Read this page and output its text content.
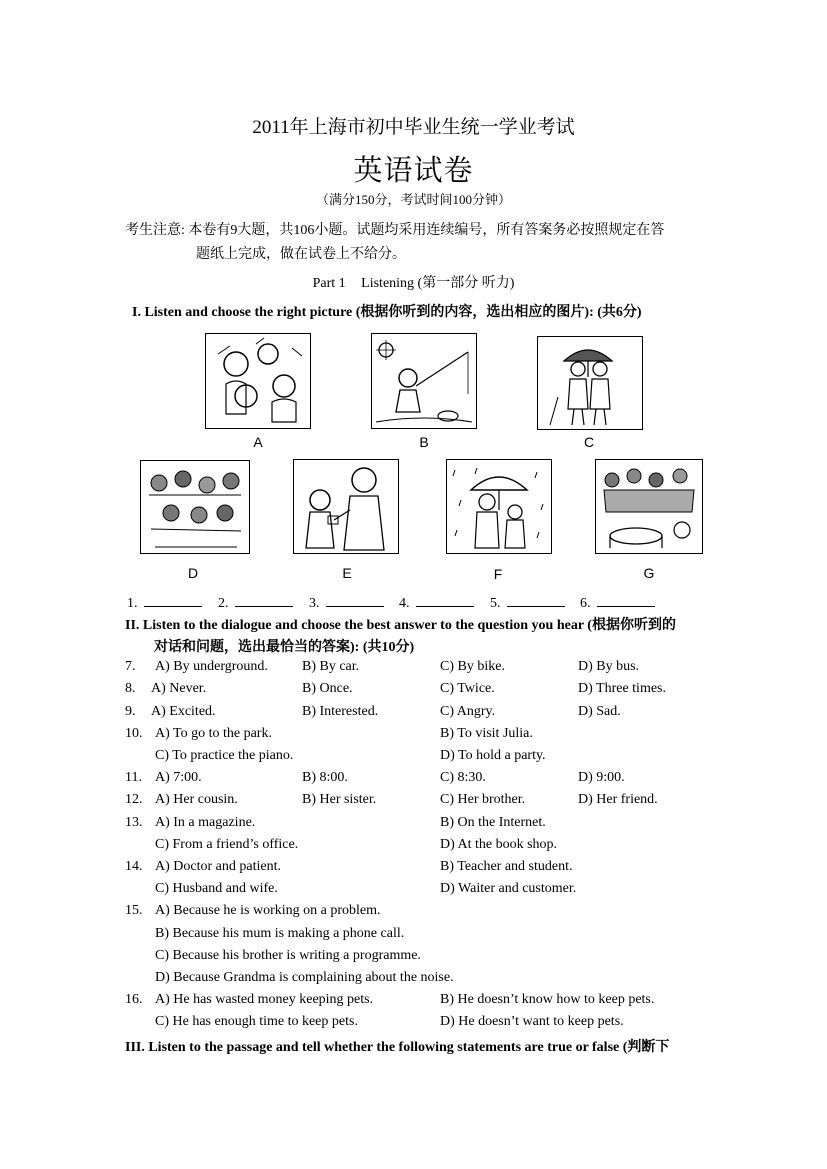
2011年上海市初中毕业生统一学业考试
英语试卷
（满分150分，考试时间100分钟）
考生注意: 本卷有9大题，共106小题。试题均采用连续编号，所有答案务必按照规定在答
题纸上完成，做在试卷上不给分。
Part 1 Listening (第一部分 听力)
I. Listen and choose the right picture (根据你听到的内容，选出相应的图片): (共6分)
A	B	C
D	E	F	G
1.	2.	3.	4.	5.	6.
II. Listen to the dialogue and choose the best answer to the question you hear (根据你听到的
对话和问题，选出最恰当的答案): (共10分)
7. A) By underground. B) By car.	C) By bike.	D) By bus.
8. A) Never.	B) Once.	C) Twice.	D) Three times.
9. A) Excited.	B) Interested.	C) Angry.	D) Sad.
10. A) To go to the park.	B) To visit Julia.
C) To practice the piano.	D) To hold a party.
11. A) 7:00.	B) 8:00.	C) 8:30.	D) 9:00.
12. A) Her cousin.	B) Her sister.	C) Her brother.	D) Her friend.
13. A) In a magazine.	B) On the Internet.
C) From a friend’s office.	D) At the book shop.
14. A) Doctor and patient.	B) Teacher and student.
C) Husband and wife.	D) Waiter and customer.
15. A) Because he is working on a problem.
B) Because his mum is making a phone call.
C) Because his brother is writing a programme.
D) Because Grandma is complaining about the noise.
16. A) He has wasted money keeping pets.	B) He doesn’t know how to keep pets.
C) He has enough time to keep pets.	D) He doesn’t want to keep pets.
III. Listen to the passage and tell whether the following statements are true or false (判断下
